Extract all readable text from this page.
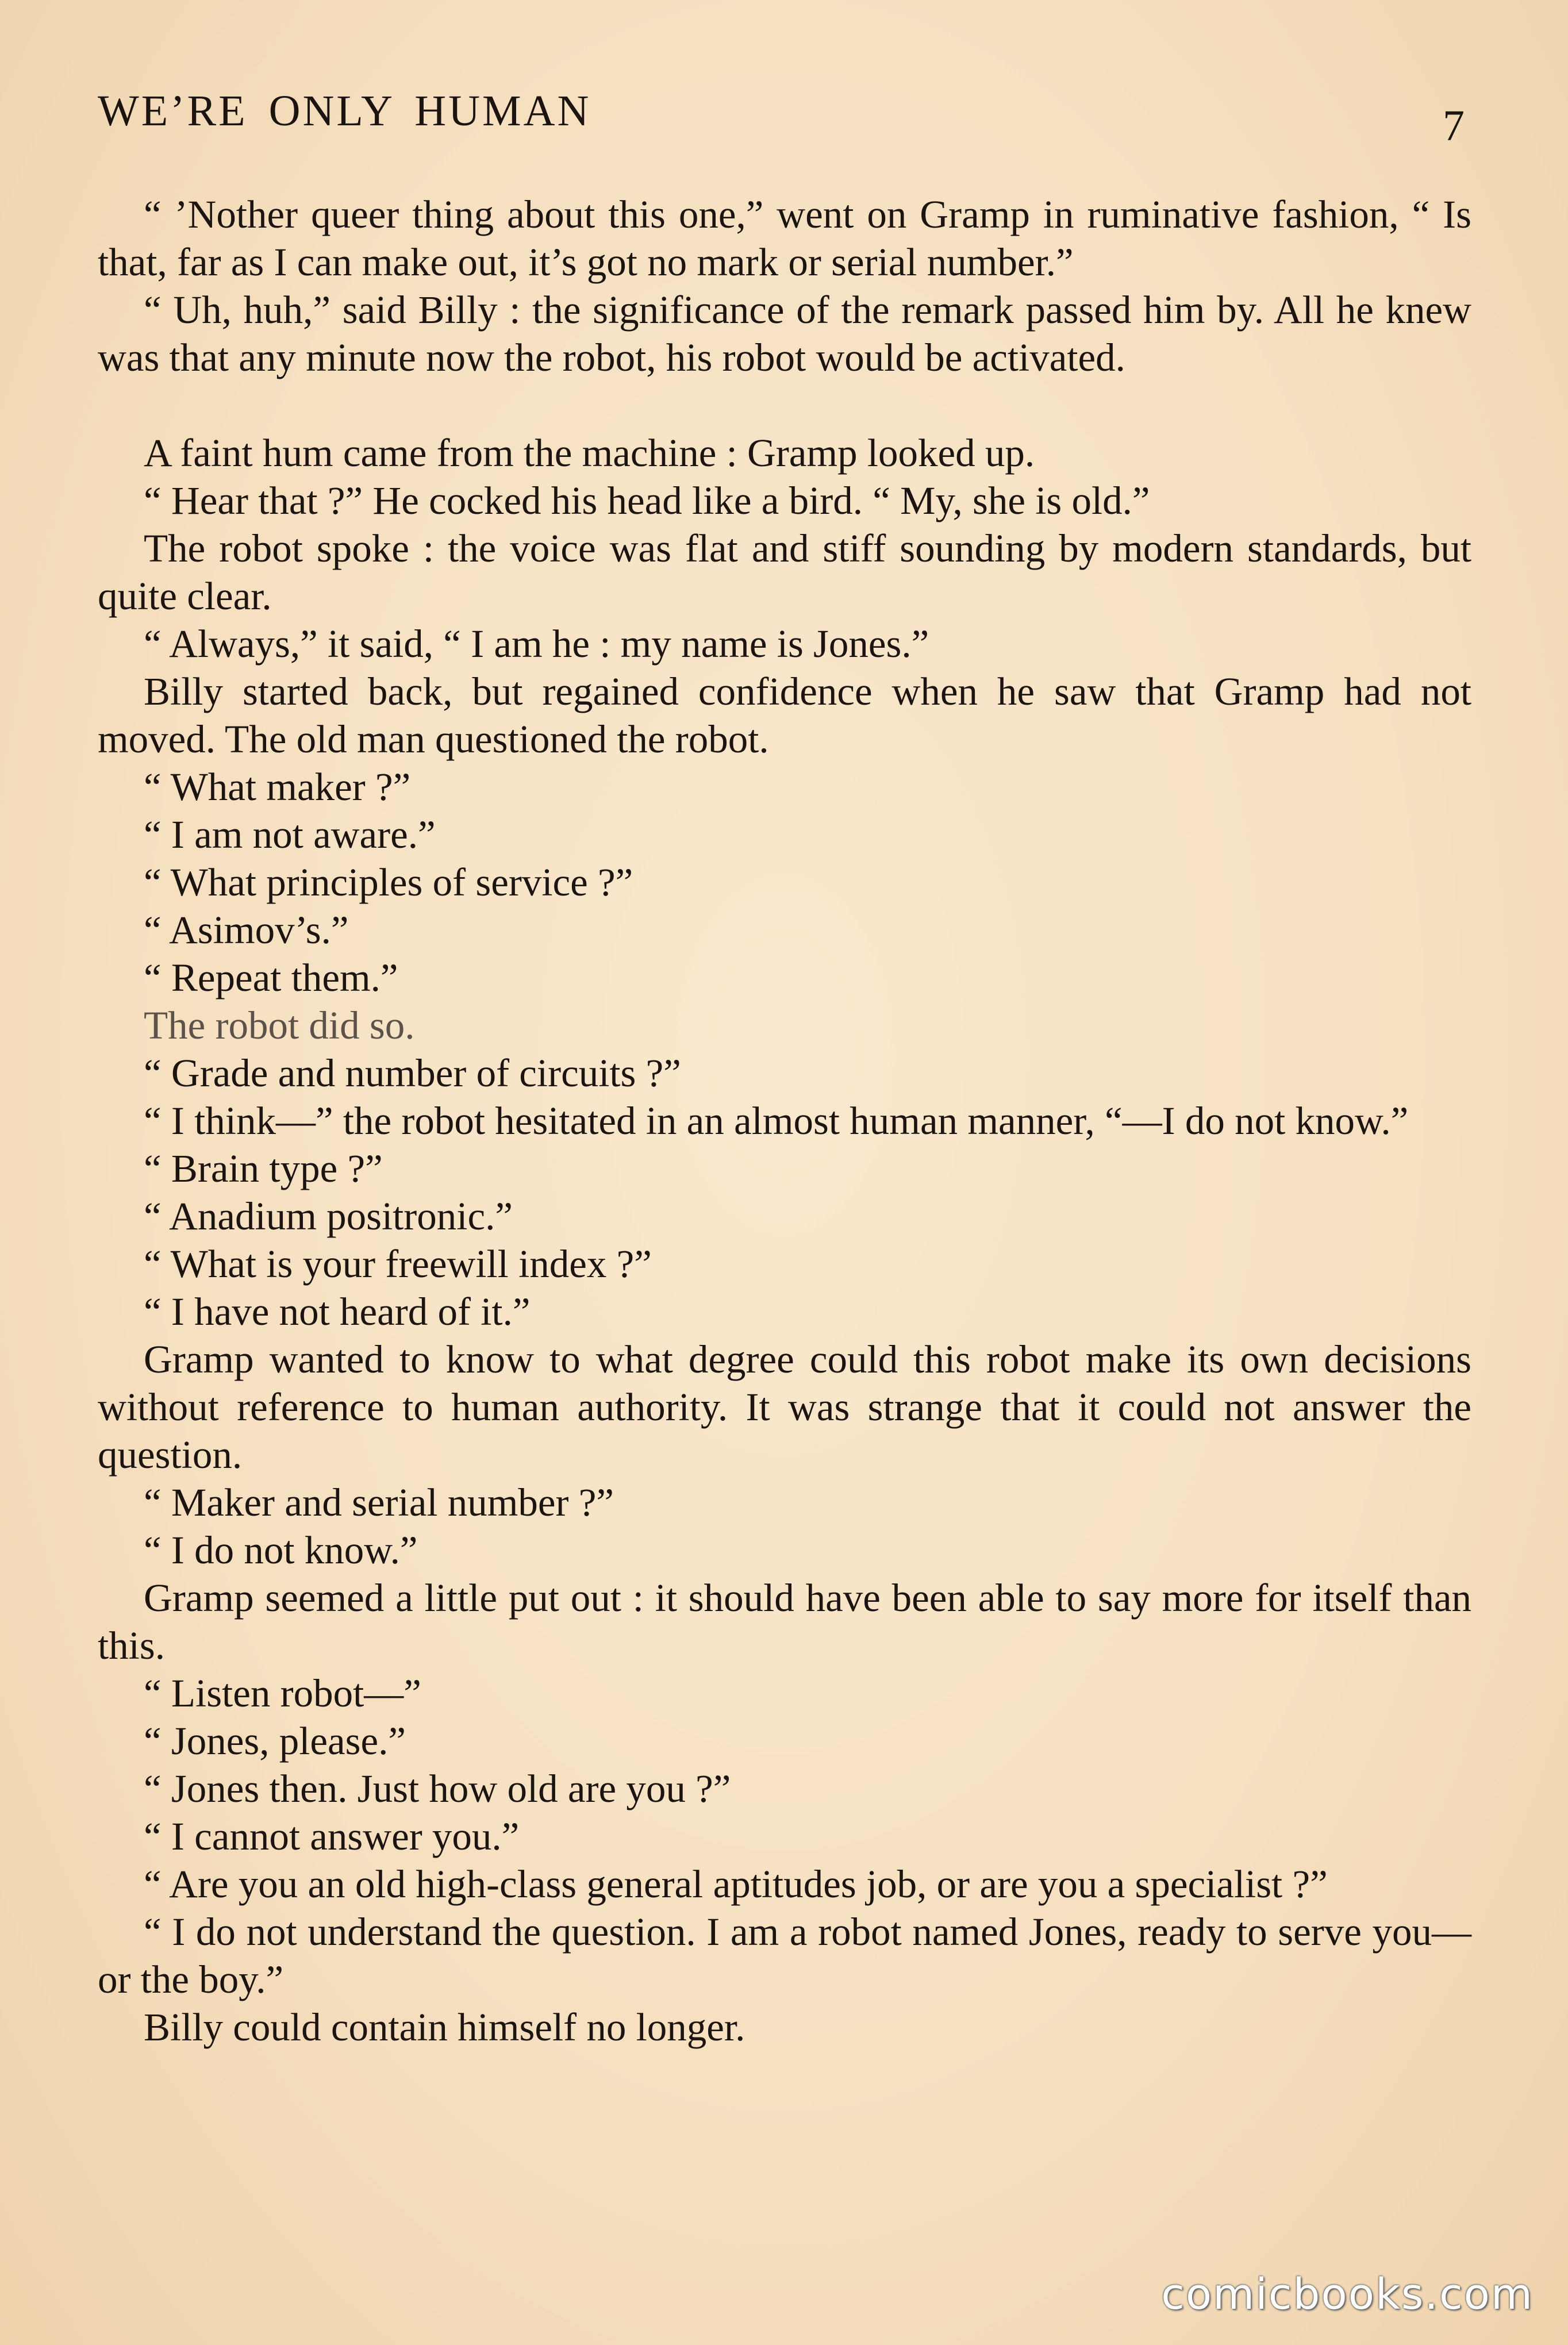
WE’RE ONLY HUMAN	7

“ ’Nother queer thing about this one,” went on Gramp in ruminative fashion, “ Is that, far as I can make out, it’s got no mark or serial number.”

“ Uh, huh,” said Billy : the significance of the remark passed him by. All he knew was that any minute now the robot, his robot would be activated.

A faint hum came from the machine : Gramp looked up.

“ Hear that ?” He cocked his head like a bird. “ My, she is old.”

The robot spoke : the voice was flat and stiff sounding by modern standards, but quite clear.

“ Always,” it said, “ I am he : my name is Jones.”

Billy started back, but regained confidence when he saw that Gramp had not moved. The old man questioned the robot.

“ What maker ?”

“ I am not aware.”

“ What principles of service ?”

“ Asimov’s.”

“ Repeat them.”

The robot did so.

“ Grade and number of circuits ?”

“ I think—” the robot hesitated in an almost human manner, “—I do not know.”

“ Brain type ?”

“ Anadium positronic.”

“ What is your freewill index ?”

“ I have not heard of it.”

Gramp wanted to know to what degree could this robot make its own decisions without reference to human authority. It was strange that it could not answer the question.

“ Maker and serial number ?”

“ I do not know.”

Gramp seemed a little put out : it should have been able to say more for itself than this.

“ Listen robot—”

“ Jones, please.”

“ Jones then. Just how old are you ?”

“ I cannot answer you.”

“ Are you an old high-class general aptitudes job, or are you a specialist ?”

“ I do not understand the question. I am a robot named Jones, ready to serve you—or the boy.”

Billy could contain himself no longer.

comicbooks.com
